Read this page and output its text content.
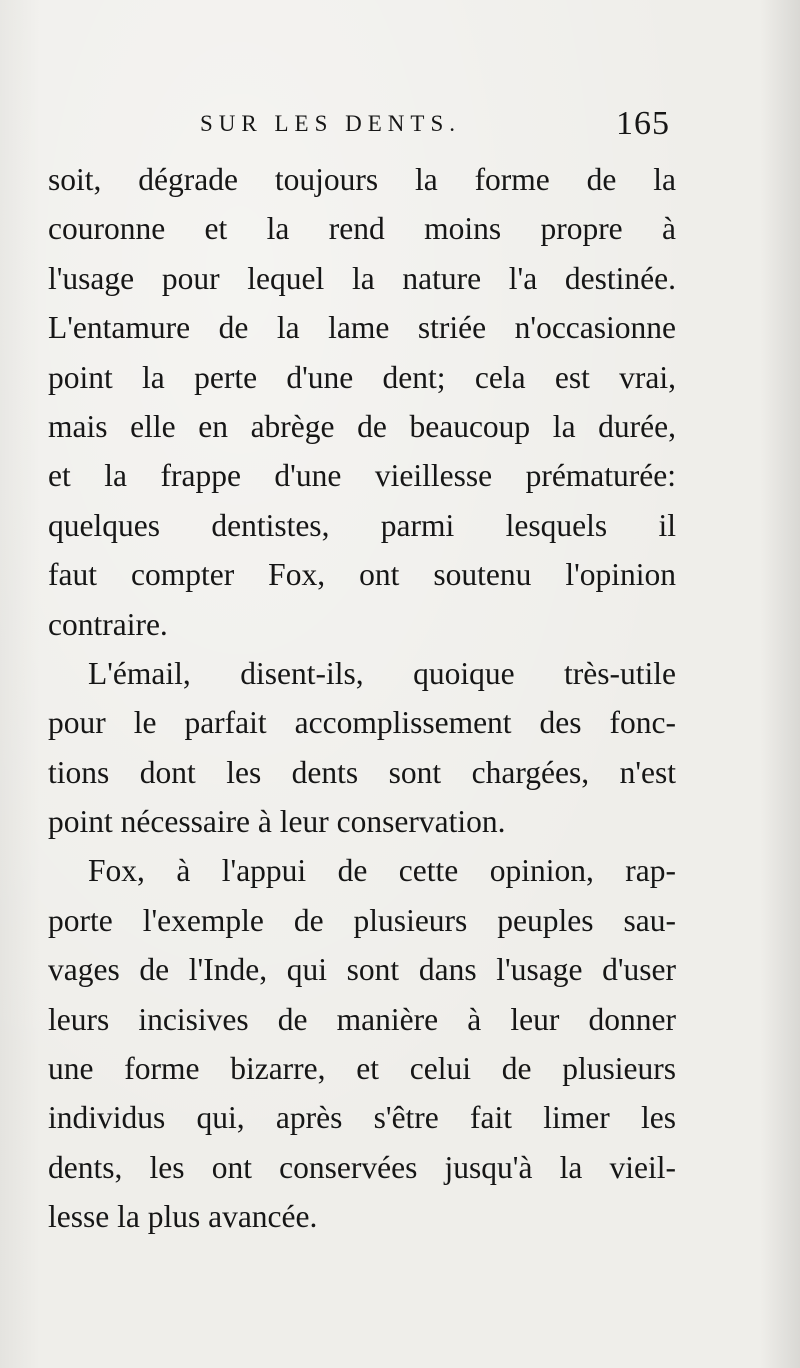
SUR LES DENTS.	165
soit, dégrade toujours la forme de la
couronne et la rend moins propre à
l'usage pour lequel la nature l'a destinée.
L'entamure de la lame striée n'occasionne
point la perte d'une dent; cela est vrai,
mais elle en abrège de beaucoup la durée,
et la frappe d'une vieillesse prématurée:
quelques dentistes, parmi lesquels il
faut compter Fox, ont soutenu l'opinion
contraire.
L'émail, disent-ils, quoique très-utile
pour le parfait accomplissement des fonc-
tions dont les dents sont chargées, n'est
point nécessaire à leur conservation.
Fox, à l'appui de cette opinion, rap-
porte l'exemple de plusieurs peuples sau-
vages de l'Inde, qui sont dans l'usage d'user
leurs incisives de manière à leur donner
une forme bizarre, et celui de plusieurs
individus qui, après s'être fait limer les
dents, les ont conservées jusqu'à la vieil-
lesse la plus avancée.
